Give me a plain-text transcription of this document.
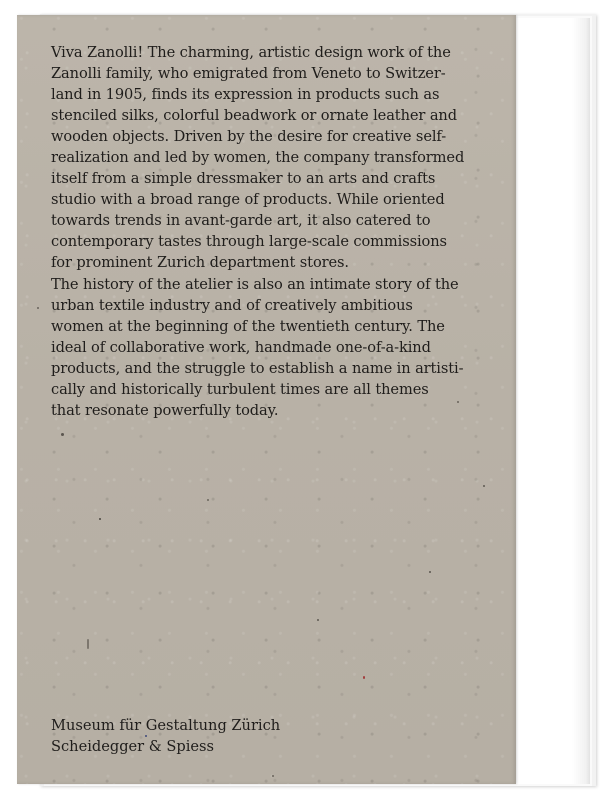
Viva Zanolli! The charming, artistic design work of the
Zanolli family, who emigrated from Veneto to Switzer-
land in 1905, finds its expression in products such as
stenciled silks, colorful beadwork or ornate leather and
wooden objects. Driven by the desire for creative self-
realization and led by women, the company transformed
itself from a simple dressmaker to an arts and crafts
studio with a broad range of products. While oriented
towards trends in avant-garde art, it also catered to
contemporary tastes through large-scale commissions
for prominent Zurich department stores.

The history of the atelier is also an intimate story of the
urban textile industry and of creatively ambitious
women at the beginning of the twentieth century. The
ideal of collaborative work, handmade one-of-a-kind
products, and the struggle to establish a name in artisti-
cally and historically turbulent times are all themes
that resonate powerfully today.

Museum für Gestaltung Zürich
Scheidegger & Spiess
